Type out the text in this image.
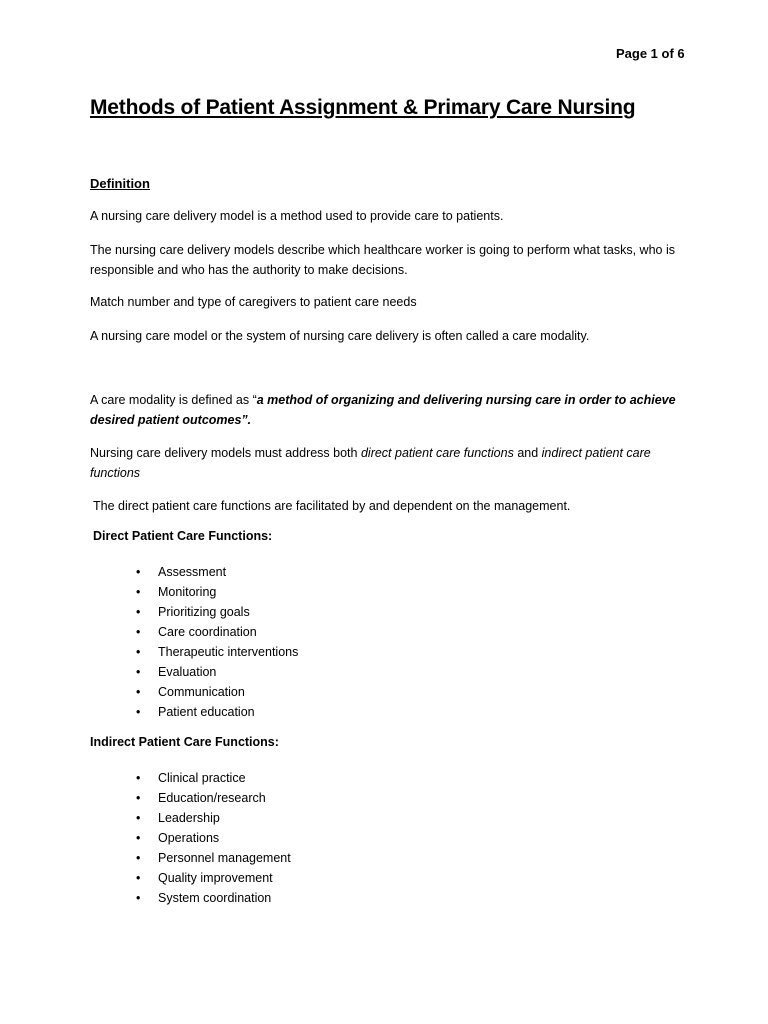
Page 1 of 6
Methods of Patient Assignment & Primary Care Nursing
Definition
A nursing care delivery model is a method used to provide care to patients.
The nursing care delivery models describe which healthcare worker is going to perform what tasks, who is responsible and who has the authority to make decisions.
Match number and type of caregivers to patient care needs
A nursing care model or the system of nursing care delivery is often called a care modality.
A care modality is defined as “a method of organizing and delivering nursing care in order to achieve desired patient outcomes”.
Nursing care delivery models must address both direct patient care functions and indirect patient care functions
The direct patient care functions are facilitated by and dependent on the management.
Direct Patient Care Functions:
• Assessment
• Monitoring
• Prioritizing goals
• Care coordination
• Therapeutic interventions
• Evaluation
• Communication
• Patient education
Indirect Patient Care Functions:
• Clinical practice
• Education/research
• Leadership
• Operations
• Personnel management
• Quality improvement
• System coordination
